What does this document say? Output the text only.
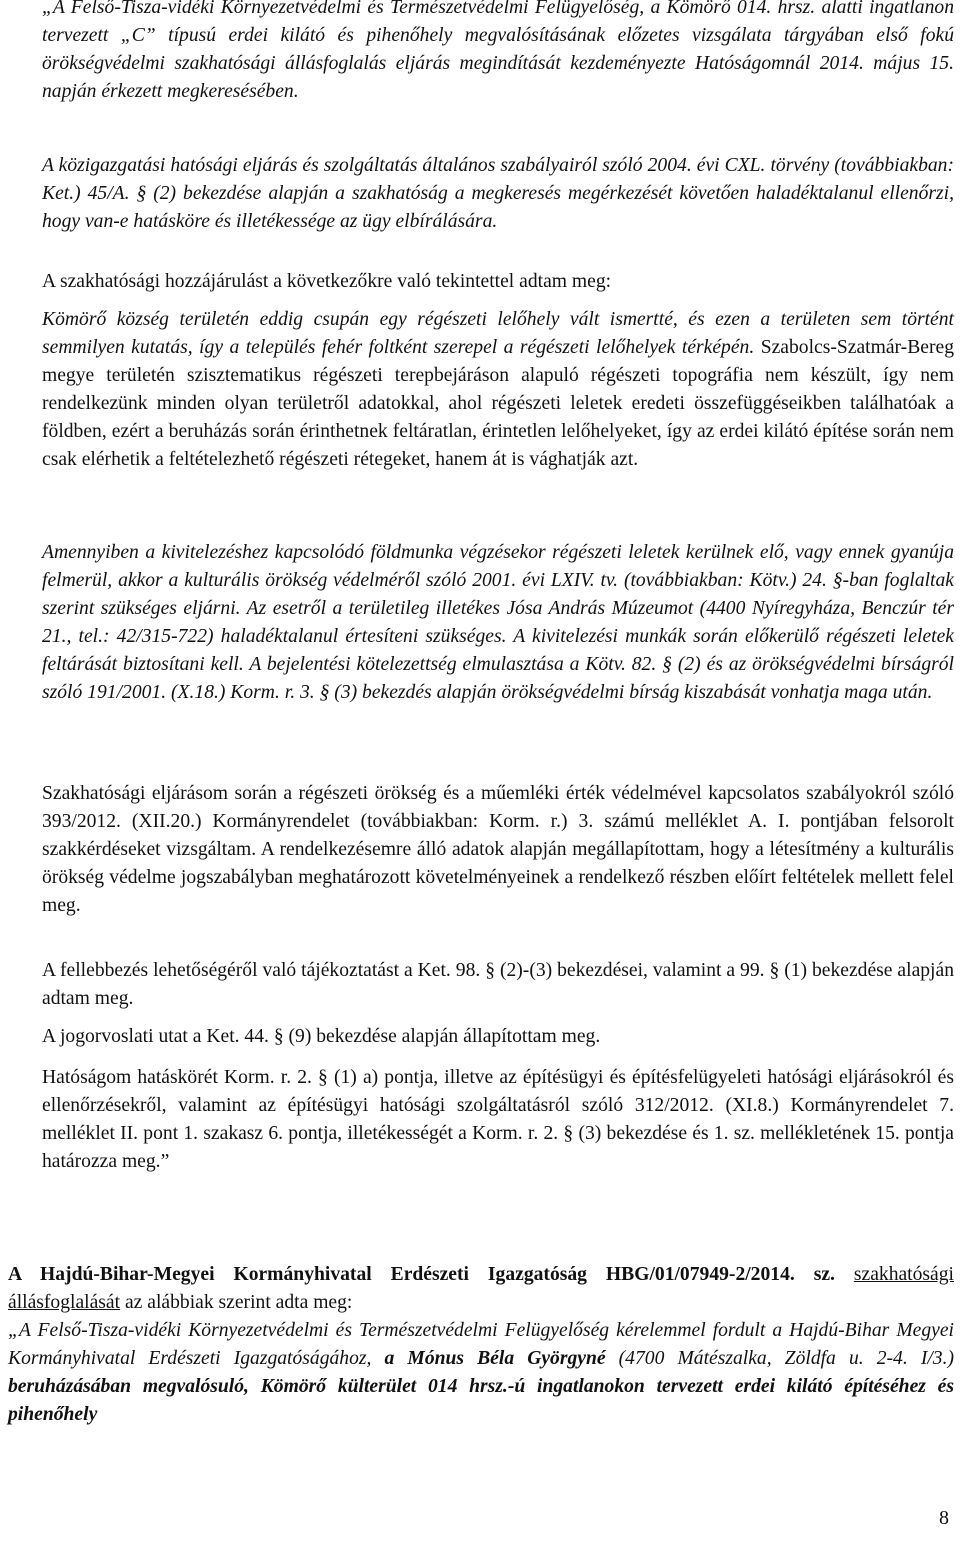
„A Felső-Tisza-vidéki Környezetvédelmi és Természetvédelmi Felügyelőség, a Kömörő 014. hrsz. alatti ingatlanon tervezett „C” típusú erdei kilátó és pihenőhely megvalósításának előzetes vizsgálata tárgyában első fokú örökségvédelmi szakhatósági állásfoglalás eljárás megindítását kezdeményezte Hatóságomnál 2014. május 15. napján érkezett megkeresésében.

A közigazgatási hatósági eljárás és szolgáltatás általános szabályairól szóló 2004. évi CXL. törvény (továbbiakban: Ket.) 45/A. § (2) bekezdése alapján a szakhatóság a megkeresés megérkezését követően haladéktalanul ellenőrzi, hogy van-e hatásköre és illetékessége az ügy elbírálására.

A szakhatósági hozzájárulást a következőkre való tekintettel adtam meg:

Kömörő község területén eddig csupán egy régészeti lelőhely vált ismertté, és ezen a területen sem történt semmilyen kutatás, így a település fehér foltként szerepel a régészeti lelőhelyek térképén. Szabolcs-Szatmár-Bereg megye területén szisztematikus régészeti terepbejáráson alapuló régészeti topográfia nem készült, így nem rendelkezünk minden olyan területről adatokkal, ahol régészeti leletek eredeti összefüggéseikben találhatóak a földben, ezért a beruházás során érinthetnek feltáratlan, érintetlen lelőhelyeket, így az erdei kilátó építése során nem csak elérhetik a feltételezhető régészeti rétegeket, hanem át is vághatják azt.

Amennyiben a kivitelezéshez kapcsolódó földmunka végzésekor régészeti leletek kerülnek elő, vagy ennek gyanúja felmerül, akkor a kulturális örökség védelméről szóló 2001. évi LXIV. tv. (továbbiakban: Kötv.) 24. §-ban foglaltak szerint szükséges eljárni. Az esetről a területileg illetékes Jósa András Múzeumot (4400 Nyíregyháza, Benczúr tér 21., tel.: 42/315-722) haladéktalanul értesíteni szükséges. A kivitelezési munkák során előkerülő régészeti leletek feltárását biztosítani kell. A bejelentési kötelezettség elmulasztása a Kötv. 82. § (2) és az örökségvédelmi bírságról szóló 191/2001. (X.18.) Korm. r. 3. § (3) bekezdés alapján örökségvédelmi bírság kiszabását vonhatja maga után.

Szakhatósági eljárásom során a régészeti örökség és a műemléki érték védelmével kapcsolatos szabályokról szóló 393/2012. (XII.20.) Kormányrendelet (továbbiakban: Korm. r.) 3. számú melléklet A. I. pontjában felsorolt szakkérdéseket vizsgáltam. A rendelkezésemre álló adatok alapján megállapítottam, hogy a létesítmény a kulturális örökség védelme jogszabályban meghatározott követelményeinek a rendelkező részben előírt feltételek mellett felel meg.

A fellebbezés lehetőségéről való tájékoztatást a Ket. 98. § (2)-(3) bekezdései, valamint a 99. § (1) bekezdése alapján adtam meg.

A jogorvoslati utat a Ket. 44. § (9) bekezdése alapján állapítottam meg.

Hatóságom hatáskörét Korm. r. 2. § (1) a) pontja, illetve az építésügyi és építésfelügyeleti hatósági eljárásokról és ellenőrzésekről, valamint az építésügyi hatósági szolgáltatásról szóló 312/2012. (XI.8.) Kormányrendelet 7. melléklet II. pont 1. szakasz 6. pontja, illetékességét a Korm. r. 2. § (3) bekezdése és 1. sz. mellékletének 15. pontja határozza meg.”

A Hajdú-Bihar-Megyei Kormányhivatal Erdészeti Igazgatóság HBG/01/07949-2/2014. sz. szakhatósági állásfoglalását az alábbiak szerint adta meg:

„A Felső-Tisza-vidéki Környezetvédelmi és Természetvédelmi Felügyelőség kérelemmel fordult a Hajdú-Bihar Megyei Kormányhivatal Erdészeti Igazgatóságához, a Mónus Béla Györgyné (4700 Mátészalka, Zöldfa u. 2-4. I/3.) beruházásában megvalósuló, Kömörő külterület 014 hrsz.-ú ingatlanokon tervezett erdei kilátó építéséhez és pihenőhely

8
